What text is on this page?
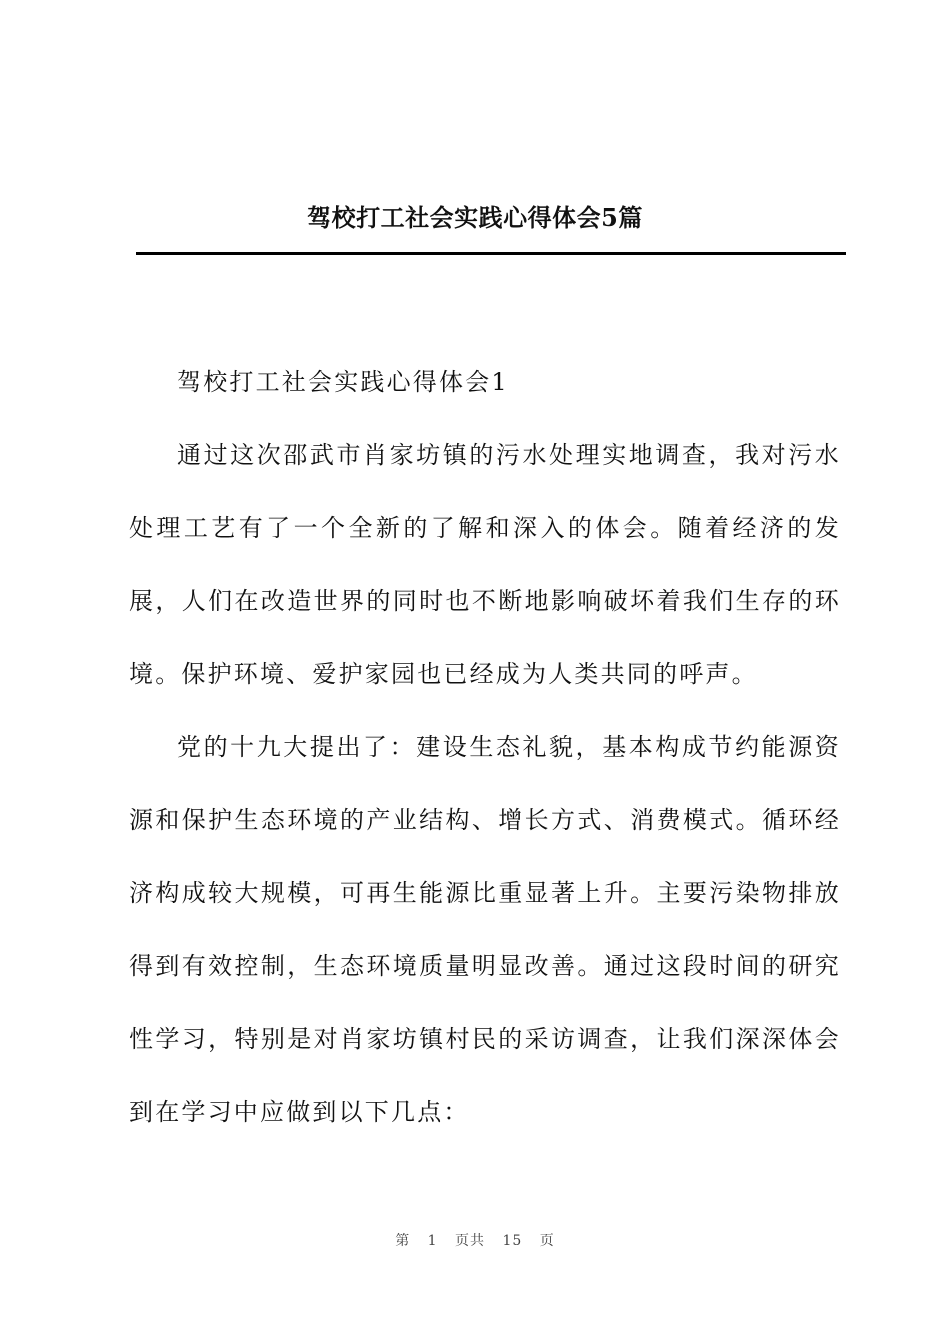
驾校打工社会实践心得体会5篇

驾校打工社会实践心得体会1

通过这次邵武市肖家坊镇的污水处理实地调查，我对污水处理工艺有了一个全新的了解和深入的体会。随着经济的发展，人们在改造世界的同时也不断地影响破坏着我们生存的环境。保护环境、爱护家园也已经成为人类共同的呼声。

党的十九大提出了：建设生态礼貌，基本构成节约能源资源和保护生态环境的产业结构、增长方式、消费模式。循环经济构成较大规模，可再生能源比重显著上升。主要污染物排放得到有效控制，生态环境质量明显改善。通过这段时间的研究性学习，特别是对肖家坊镇村民的采访调查，让我们深深体会到在学习中应做到以下几点：

第 1 页共 15 页
